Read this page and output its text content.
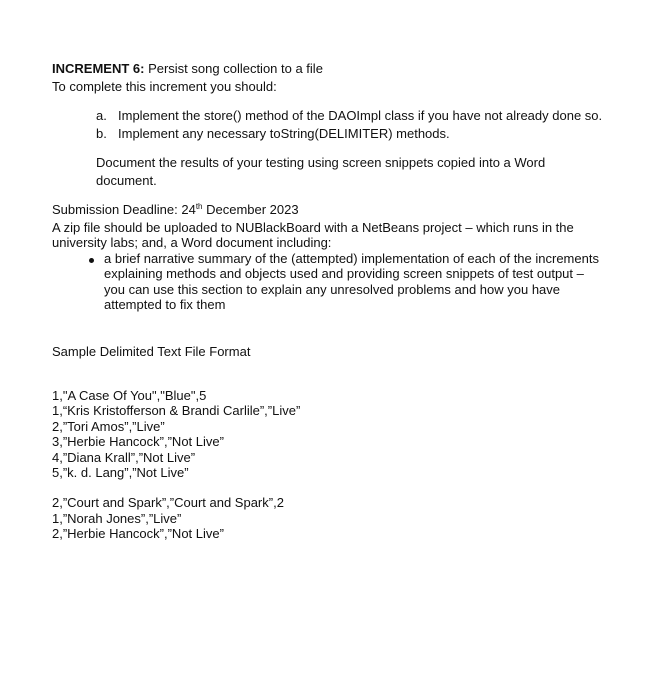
INCREMENT 6: Persist song collection to a file
To complete this increment you should:
a. Implement the store() method of the DAOImpl class if you have not already done so.
b. Implement any necessary toString(DELIMITER) methods.
Document the results of your testing using screen snippets copied into a Word
document.
Submission Deadline: 24th December 2023
A zip file should be uploaded to NUBlackBoard with a NetBeans project – which runs in the
university labs; and, a Word document including:
a brief narrative summary of the (attempted) implementation of each of the increments
explaining methods and objects used and providing screen snippets of test output –
you can use this section to explain any unresolved problems and how you have
attempted to fix them
Sample Delimited Text File Format
1,"A Case Of You","Blue",5
1,“Kris Kristofferson & Brandi Carlile”,”Live”
2,”Tori Amos”,”Live”
3,”Herbie Hancock”,”Not Live”
4,”Diana Krall”,”Not Live”
5,”k. d. Lang”,”Not Live”
2,”Court and Spark”,”Court and Spark”,2
1,”Norah Jones”,”Live”
2,”Herbie Hancock”,”Not Live”
